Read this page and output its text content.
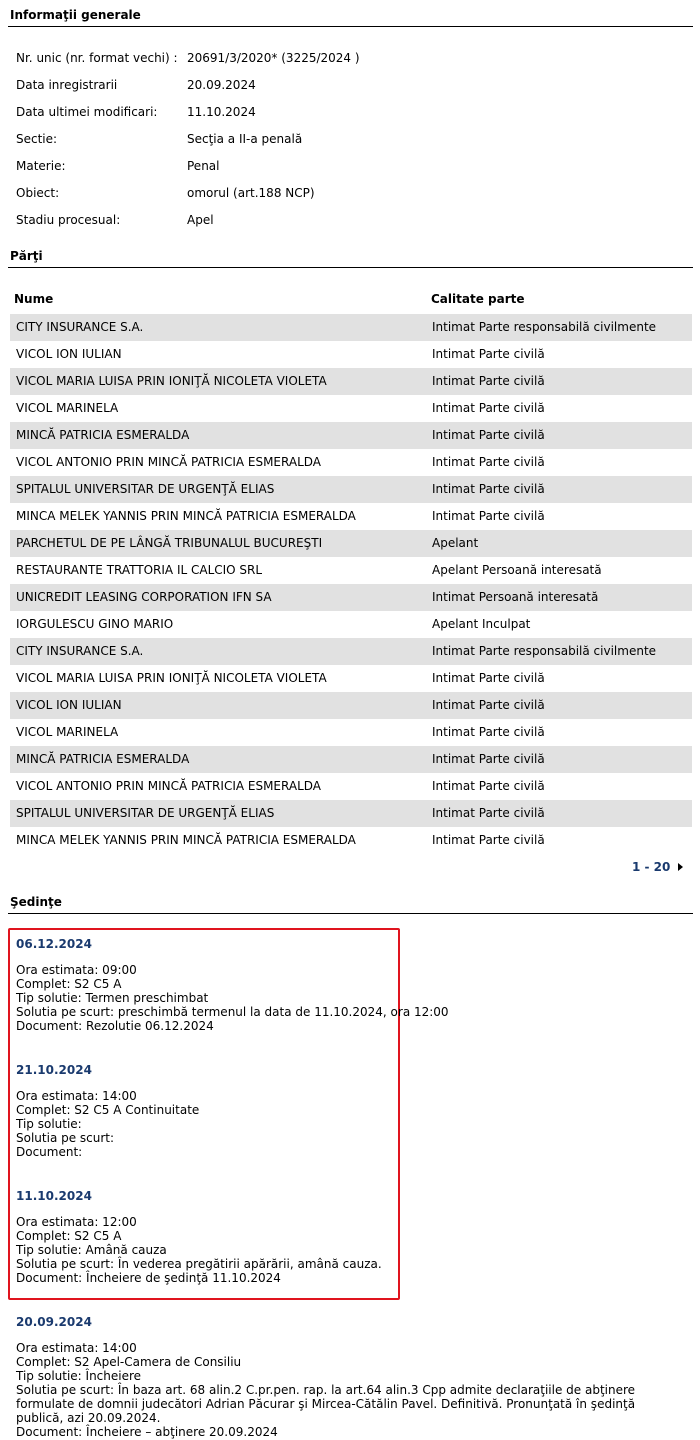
Informaţii generale
Nr. unic (nr. format vechi) : 20691/3/2020* (3225/2024 )
Data inregistrarii	20.09.2024
Data ultimei modificari: 11.10.2024
Sectie:	Secţia a II-a penală
Materie:	Penal
Obiect:	omorul (art.188 NCP)
Stadiu procesual:	Apel
Părţi
Nume	Calitate parte
CITY INSURANCE S.A.	Intimat Parte responsabilă civilmente
VICOL ION IULIAN	Intimat Parte civilă
VICOL MARIA LUISA PRIN IONIŢĂ NICOLETA VIOLETA	Intimat Parte civilă
VICOL MARINELA	Intimat Parte civilă
MINCĂ PATRICIA ESMERALDA	Intimat Parte civilă
VICOL ANTONIO PRIN MINCĂ PATRICIA ESMERALDA	Intimat Parte civilă
SPITALUL UNIVERSITAR DE URGENŢĂ ELIAS	Intimat Parte civilă
MINCA MELEK YANNIS PRIN MINCĂ PATRICIA ESMERALDA	Intimat Parte civilă
PARCHETUL DE PE LÂNGĂ TRIBUNALUL BUCUREŞTI	Apelant
RESTAURANTE TRATTORIA IL CALCIO SRL	Apelant Persoană interesată
UNICREDIT LEASING CORPORATION IFN SA	Intimat Persoană interesată
IORGULESCU GINO MARIO	Apelant Inculpat
CITY INSURANCE S.A.	Intimat Parte responsabilă civilmente
VICOL MARIA LUISA PRIN IONIŢĂ NICOLETA VIOLETA	Intimat Parte civilă
VICOL ION IULIAN	Intimat Parte civilă
VICOL MARINELA	Intimat Parte civilă
MINCĂ PATRICIA ESMERALDA	Intimat Parte civilă
VICOL ANTONIO PRIN MINCĂ PATRICIA ESMERALDA	Intimat Parte civilă
SPITALUL UNIVERSITAR DE URGENŢĂ ELIAS	Intimat Parte civilă
MINCA MELEK YANNIS PRIN MINCĂ PATRICIA ESMERALDA	Intimat Parte civilă
1 - 20
Şedinţe
06.12.2024
Ora estimata: 09:00
Complet: S2 C5 A
Tip solutie: Termen preschimbat
Solutia pe scurt: preschimbă termenul la data de 11.10.2024, ora 12:00
Document: Rezolutie 06.12.2024
21.10.2024
Ora estimata: 14:00
Complet: S2 C5 A Continuitate
Tip solutie:
Solutia pe scurt:
Document:
11.10.2024
Ora estimata: 12:00
Complet: S2 C5 A
Tip solutie: Amână cauza
Solutia pe scurt: În vederea pregătirii apărării, amână cauza.
Document: Încheiere de şedinţă 11.10.2024
20.09.2024
Ora estimata: 14:00
Complet: S2 Apel-Camera de Consiliu
Tip solutie: Încheiere
Solutia pe scurt: În baza art. 68 alin.2 C.pr.pen. rap. la art.64 alin.3 Cpp admite declaraţiile de abţinere formulate de domnii judecători Adrian Păcurar şi Mircea-Cătălin Pavel. Definitivă. Pronunţată în şedinţă publică, azi 20.09.2024.
Document: Încheiere – abţinere 20.09.2024
